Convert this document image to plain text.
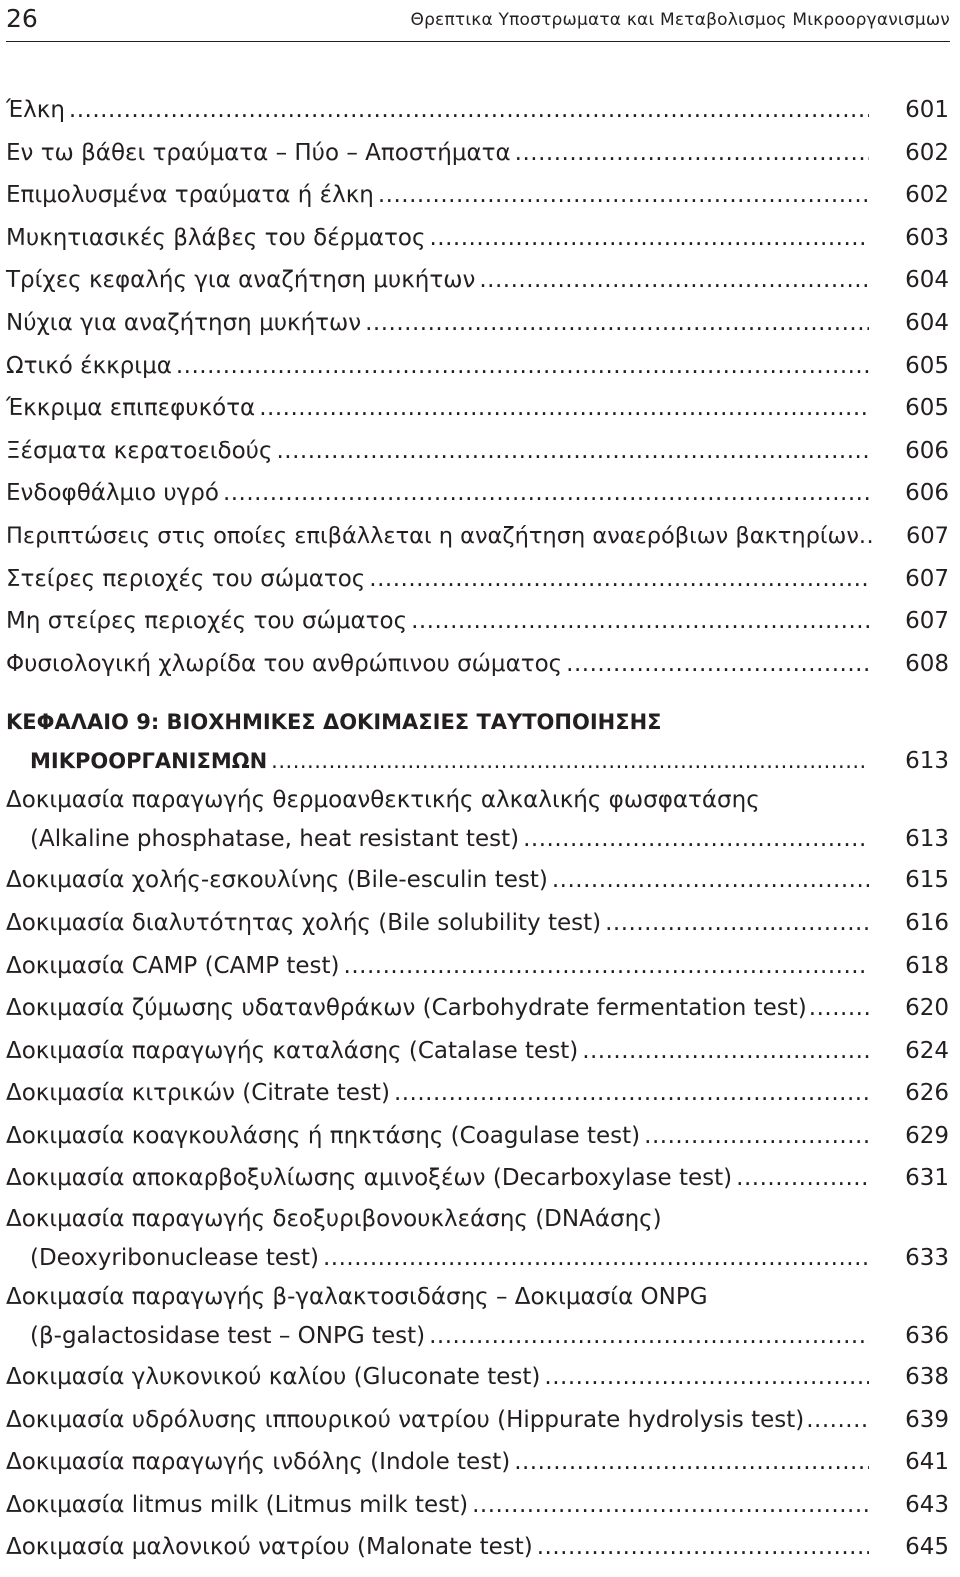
26	Θρεπτικα Υποστρωματα και Μεταβολισμος Μικροοργανισμων
Έλκη .....	601
Εν τω βάθει τραύματα – Πύο – Αποστήματα .....	602
Επιμολυσμένα τραύματα ή έλκη .....	602
Μυκητιασικές βλάβες του δέρματος .....	603
Τρίχες κεφαλής για αναζήτηση μυκήτων .....	604
Νύχια για αναζήτηση μυκήτων .....	604
Ωτικό έκκριμα .....	605
Έκκριμα επιπεφυκότα .....	605
Ξέσματα κερατοειδούς .....	606
Ενδοφθάλμιο υγρό .....	606
Περιπτώσεις στις οποίες επιβάλλεται η αναζήτηση αναερόβιων βακτηρίων .....	607
Στείρες περιοχές του σώματος .....	607
Μη στείρες περιοχές του σώματος .....	607
Φυσιολογική χλωρίδα του ανθρώπινου σώματος .....	608
ΚΕΦΑΛΑΙΟ 9: ΒΙΟΧΗΜΙΚΕΣ ΔΟΚΙΜΑΣΙΕΣ ΤΑΥΤΟΠΟΙΗΣΗΣ
ΜΙΚΡΟΟΡΓΑΝΙΣΜΩΝ .....	613
Δοκιμασία παραγωγής θερμοανθεκτικής αλκαλικής φωσφατάσης
(Alkaline phosphatase, heat resistant test) .....	613
Δοκιμασία χολής-εσκουλίνης (Bile-esculin test) .....	615
Δοκιμασία διαλυτότητας χολής (Bile solubility test) .....	616
Δοκιμασία CAMP (CAMP test) .....	618
Δοκιμασία ζύμωσης υδατανθράκων (Carbohydrate fermentation test) .....	620
Δοκιμασία παραγωγής καταλάσης (Catalase test) .....	624
Δοκιμασία κιτρικών (Citrate test) .....	626
Δοκιμασία κοαγκουλάσης ή πηκτάσης (Coagulase test) .....	629
Δοκιμασία αποκαρβοξυλίωσης αμινοξέων (Decarboxylase test) .....	631
Δοκιμασία παραγωγής δεοξυριβονουκλεάσης (DNAάσης)
(Deoxyribonuclease test) .....	633
Δοκιμασία παραγωγής β-γαλακτοσιδάσης – Δοκιμασία ONPG
(β-galactosidase test – ONPG test) .....	636
Δοκιμασία γλυκονικού καλίου (Gluconate test) .....	638
Δοκιμασία υδρόλυσης ιππουρικού νατρίου (Hippurate hydrolysis test) .....	639
Δοκιμασία παραγωγής ινδόλης (Indole test) .....	641
Δοκιμασία litmus milk (Litmus milk test) .....	643
Δοκιμασία μαλονικού νατρίου (Malonate test) .....	645
